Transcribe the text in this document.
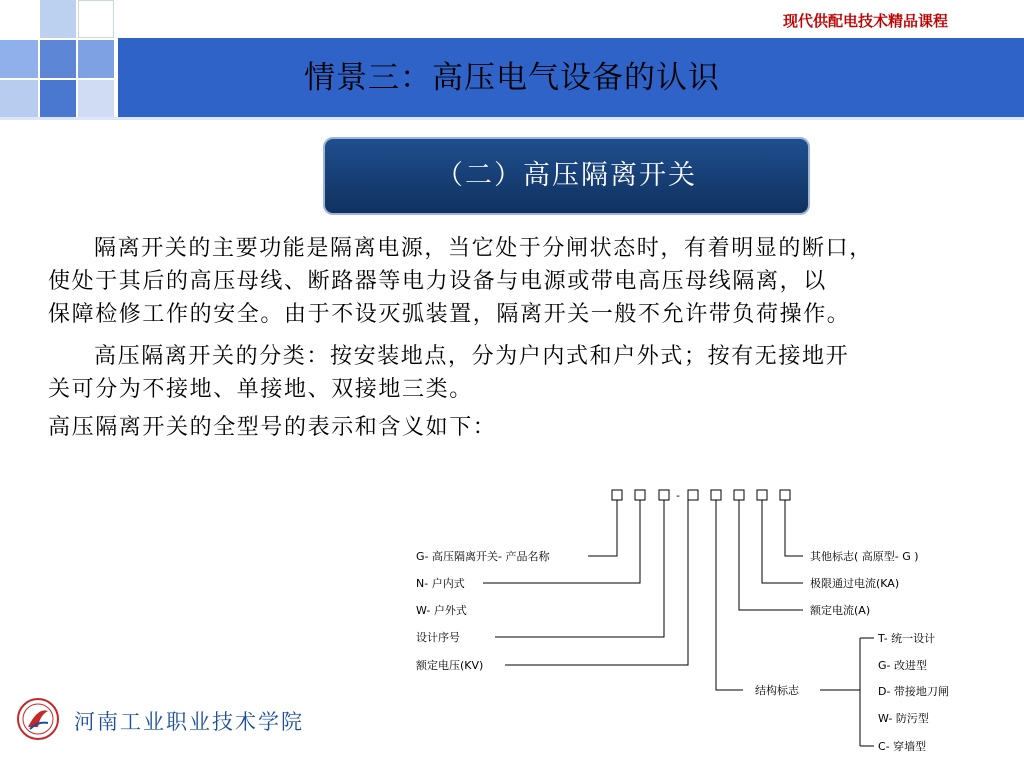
现代供配电技术精品课程
情景三：高压电气设备的认识
（二）高压隔离开关
隔离开关的主要功能是隔离电源，当它处于分闸状态时，有着明显的断口，
使处于其后的高压母线、断路器等电力设备与电源或带电高压母线隔离，以
保障检修工作的安全。由于不设灭弧装置，隔离开关一般不允许带负荷操作。
高压隔离开关的分类：按安装地点，分为户内式和户外式；按有无接地开
关可分为不接地、单接地、双接地三类。
高压隔离开关的全型号的表示和含义如下：
-
G- 高压隔离开关- 产品名称
N- 户内式
W- 户外式
设计序号
额定电压(KV)
其他标志( 高原型- G )
极限通过电流(KA)
额定电流(A)
结构标志
T- 统一设计
G- 改进型
D- 带接地刀闸
W- 防污型
C- 穿墙型
河南工业职业技术学院
